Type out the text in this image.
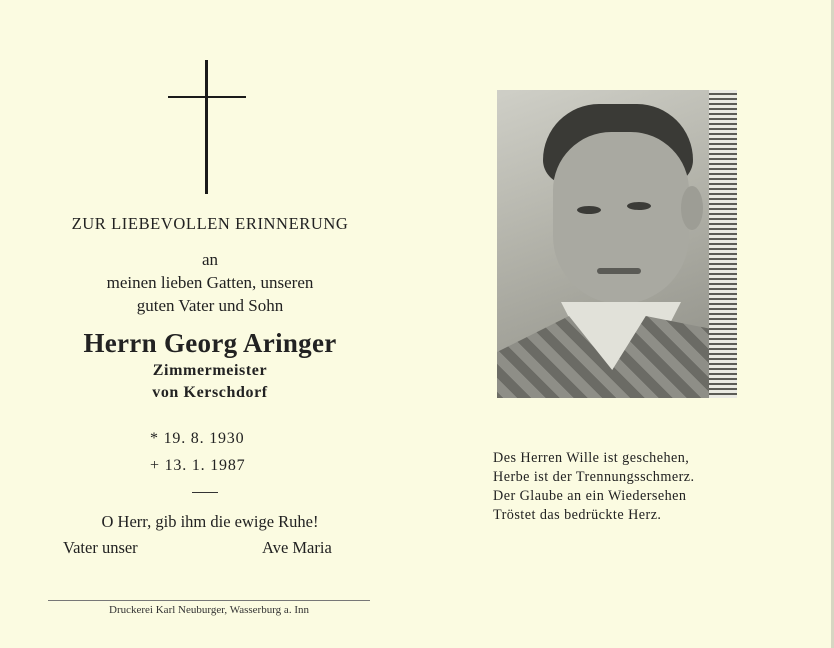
ZUR LIEBEVOLLEN ERINNERUNG
an
meinen lieben Gatten, unseren
guten Vater und Sohn
Herrn Georg Aringer
Zimmermeister
von Kerschdorf
* 19. 8. 1930
+ 13. 1. 1987
O Herr, gib ihm die ewige Ruhe!
Vater unser	Ave Maria
Druckerei Karl Neuburger, Wasserburg a. Inn
Des Herren Wille ist geschehen,
Herbe ist der Trennungsschmerz.
Der Glaube an ein Wiedersehen
Tröstet das bedrückte Herz.
